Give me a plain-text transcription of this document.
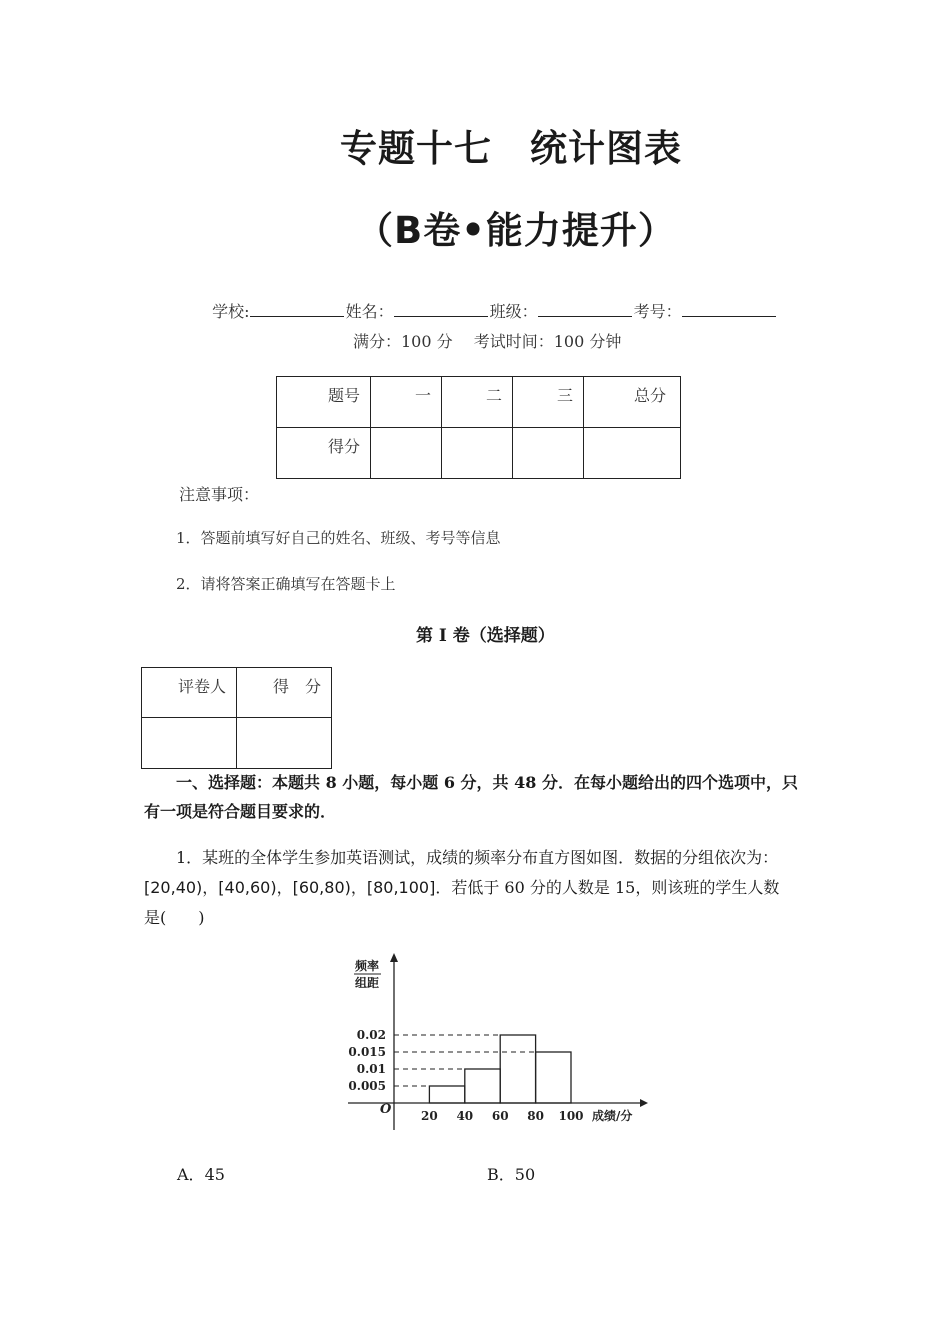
专题十七　统计图表
（B卷•能力提升）

学校:	姓名：	班级：	考号：

满分：100 分　 考试时间：100 分钟
题号	一	二	三	总分
得分				
注意事项：
1．答题前填写好自己的姓名、班级、考号等信息
2．请将答案正确填写在答题卡上
第 I 卷（选择题）
评卷人	得　分

一、选择题：本题共 8 小题，每小题 6 分，共 48 分．在每小题给出的四个选项中，只
有一项是符合题目要求的．
1．某班的全体学生参加英语测试，成绩的频率分布直方图如图．数据的分组依次为：
[20,40)，[40,60)，[60,80)，[80,100]．若低于 60 分的人数是 15，则该班的学生人数
是(　　)
频率
组距
O
0.005
0.01
0.015
0.02
20 40 60 80 100 成绩/分
A．45	B．50
